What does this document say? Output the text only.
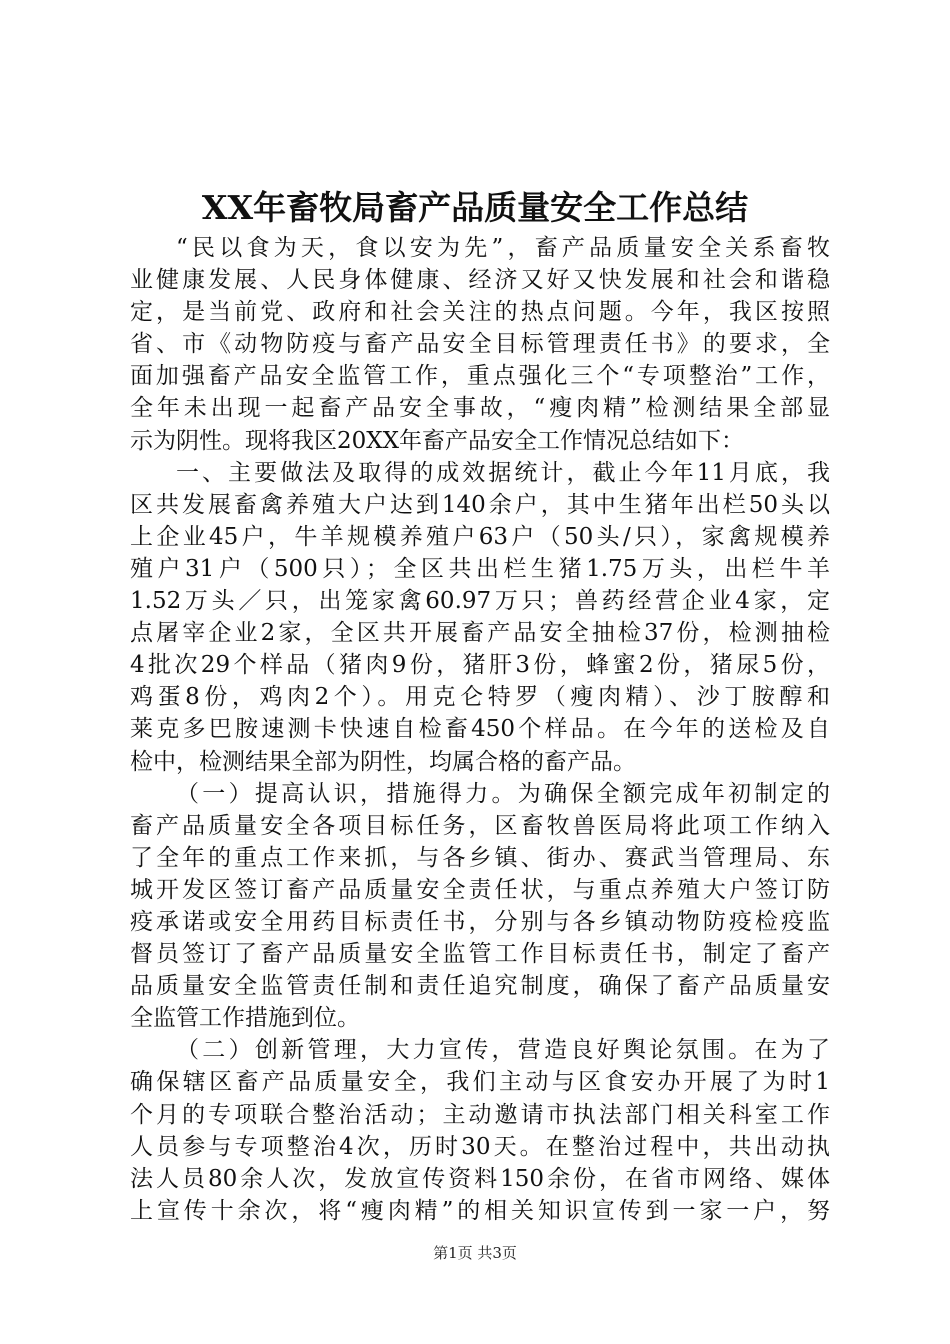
XX年畜牧局畜产品质量安全工作总结
“民以食为天，食以安为先”，畜产品质量安全关系畜牧
业健康发展、人民身体健康、经济又好又快发展和社会和谐稳
定，是当前党、政府和社会关注的热点问题。今年，我区按照
省、市《动物防疫与畜产品安全目标管理责任书》的要求，全
面加强畜产品安全监管工作，重点强化三个“专项整治”工作，
全年未出现一起畜产品安全事故，“瘦肉精”检测结果全部显
示为阴性。现将我区20XX年畜产品安全工作情况总结如下：
一、主要做法及取得的成效据统计，截止今年11月底，我
区共发展畜禽养殖大户达到140余户，其中生猪年出栏50头以
上企业45户，牛羊规模养殖户63户（50头/只），家禽规模养
殖户31户（500只）；全区共出栏生猪1.75万头，出栏牛羊
1.52万头／只，出笼家禽60.97万只；兽药经营企业4家，定
点屠宰企业2家，全区共开展畜产品安全抽检37份，检测抽检
4批次29个样品（猪肉9份，猪肝3份，蜂蜜2份，猪尿5份，
鸡蛋8份，鸡肉2个）。用克仑特罗（瘦肉精）、沙丁胺醇和
莱克多巴胺速测卡快速自检畜450个样品。在今年的送检及自
检中，检测结果全部为阴性，均属合格的畜产品。
（一）提高认识，措施得力。为确保全额完成年初制定的
畜产品质量安全各项目标任务，区畜牧兽医局将此项工作纳入
了全年的重点工作来抓，与各乡镇、街办、赛武当管理局、东
城开发区签订畜产品质量安全责任状，与重点养殖大户签订防
疫承诺或安全用药目标责任书，分别与各乡镇动物防疫检疫监
督员签订了畜产品质量安全监管工作目标责任书，制定了畜产
品质量安全监管责任制和责任追究制度，确保了畜产品质量安
全监管工作措施到位。
（二）创新管理，大力宣传，营造良好舆论氛围。在为了
确保辖区畜产品质量安全，我们主动与区食安办开展了为时1
个月的专项联合整治活动；主动邀请市执法部门相关科室工作
人员参与专项整治4次，历时30天。在整治过程中，共出动执
法人员80余人次，发放宣传资料150余份，在省市网络、媒体
上宣传十余次，将“瘦肉精”的相关知识宣传到一家一户，努
第1页 共3页
